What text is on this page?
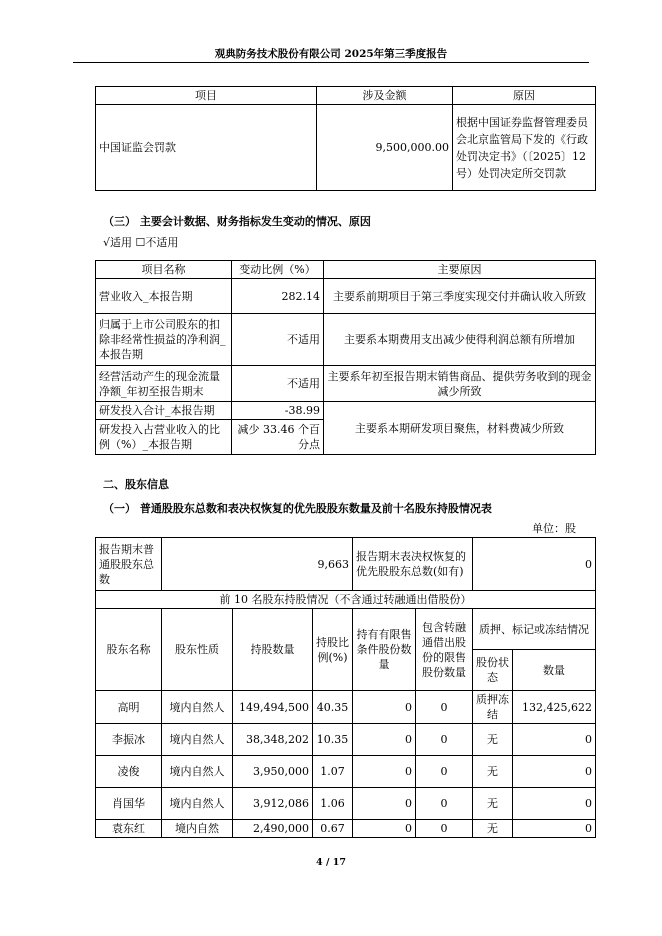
观典防务技术股份有限公司 2025年第三季度报告
项目	涉及金额	原因
中国证监会罚款	9,500,000.00	根据中国证券监督管理委员会北京监管局下发的《行政处罚决定书》（〔2025〕12号）处罚决定所交罚款
（三） 主要会计数据、财务指标发生变动的情况、原因
√适用 ☐不适用
项目名称	变动比例（%）	主要原因
营业收入_本报告期	282.14	主要系前期项目于第三季度实现交付并确认收入所致
归属于上市公司股东的扣除非经常性损益的净利润_本报告期	不适用	主要系本期费用支出减少使得利润总额有所增加
经营活动产生的现金流量净额_年初至报告期末	不适用	主要系年初至报告期末销售商品、提供劳务收到的现金减少所致
研发投入合计_本报告期	-38.99	主要系本期研发项目聚焦，材料费减少所致
研发投入占营业收入的比例（%）_本报告期	减少 33.46 个百分点	
二、股东信息
（一） 普通股股东总数和表决权恢复的优先股股东数量及前十名股东持股情况表
单位：股
报告期末普通股股东总数	9,663			报告期末表决权恢复的优先股股东总数(如有)		0	
前 10 名股东持股情况（不含通过转融通出借股份）							
股东名称	股东性质	持股数量	持股比例(%)	持有有限售条件股份数量	包含转融通借出股份的限售股份数量	质押、标记或冻结情况	
						股份状态	数量
高明	境内自然人	149,494,500	40.35	0	0	质押冻结	132,425,622
李振冰	境内自然人	38,348,202	10.35	0	0	无	0
凌俊	境内自然人	3,950,000	1.07	0	0	无	0
肖国华	境内自然人	3,912,086	1.06	0	0	无	0
袁东红	境内自然	2,490,000	0.67	0	0	无	0
4 / 17
